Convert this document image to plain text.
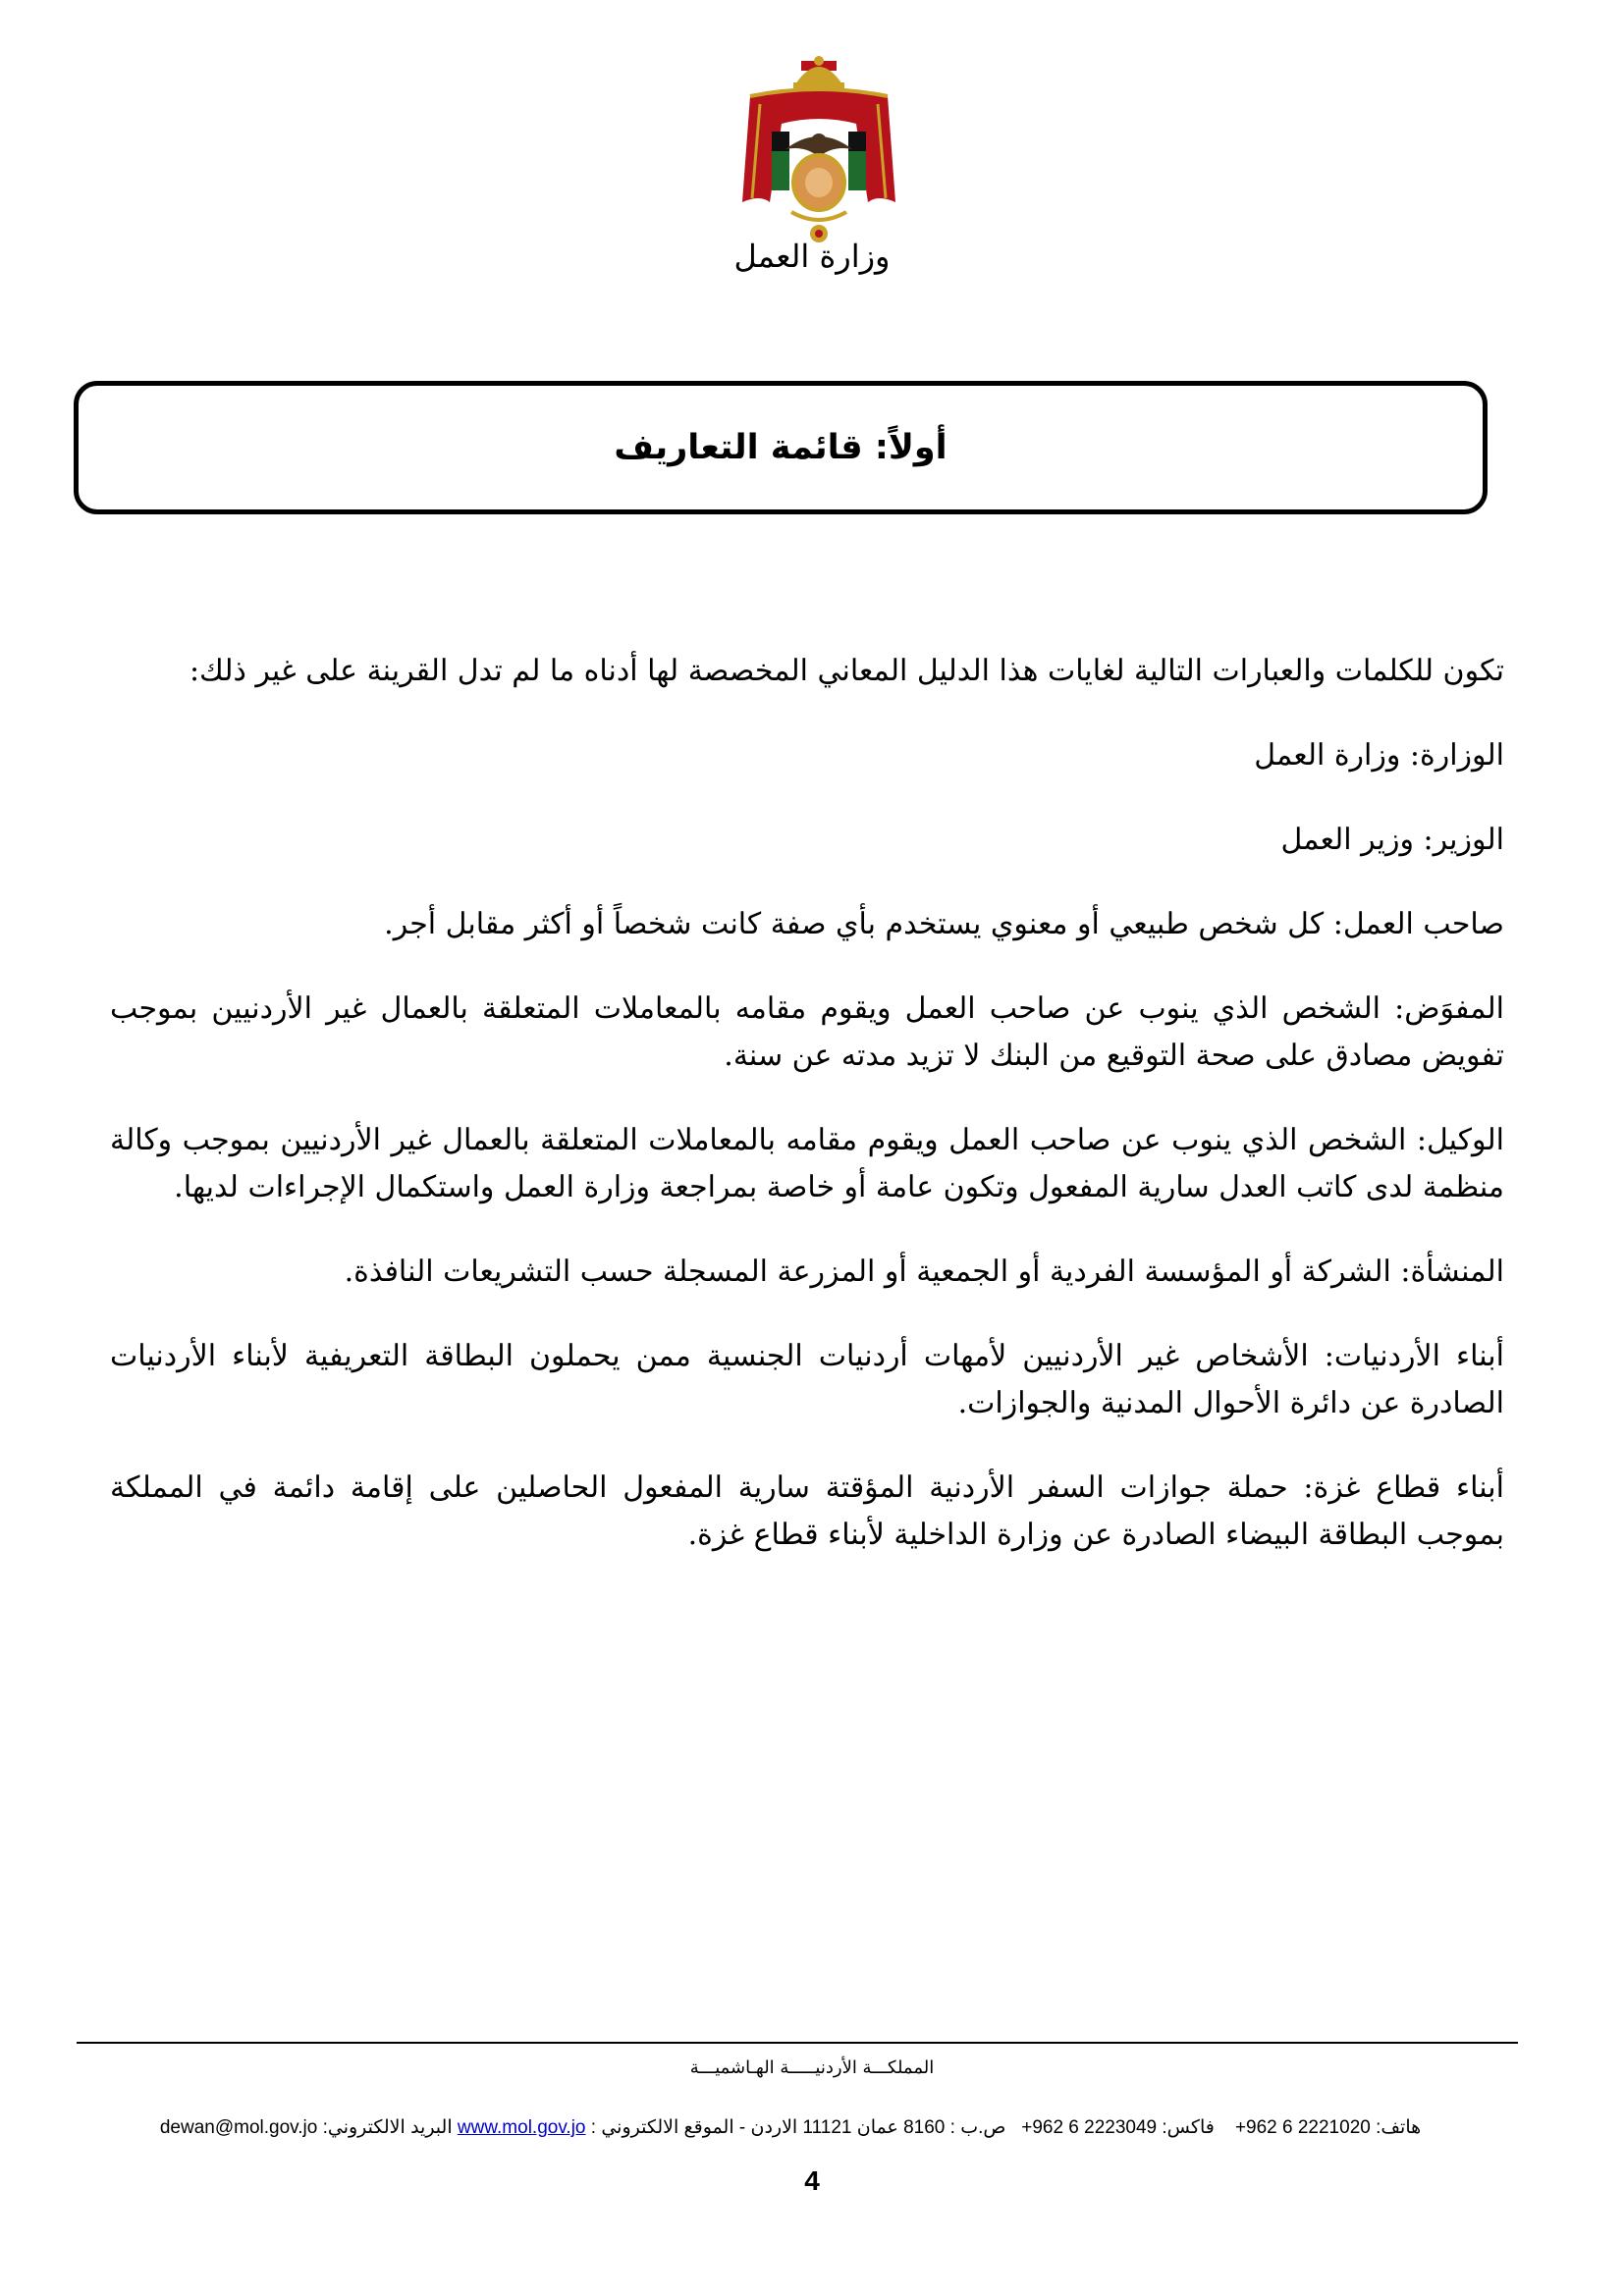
وزارة العمل
أولاً: قائمة التعاريف

تكون للكلمات والعبارات التالية لغايات هذا الدليل المعاني المخصصة لها أدناه ما لم تدل القرينة على غير ذلك:

الوزارة: وزارة العمل
الوزير: وزير العمل
صاحب العمل: كل شخص طبيعي أو معنوي يستخدم بأي صفة كانت شخصاً أو أكثر مقابل أجر.
المفوَض: الشخص الذي ينوب عن صاحب العمل ويقوم مقامه بالمعاملات المتعلقة بالعمال غير الأردنيين بموجب تفويض مصادق على صحة التوقيع من البنك لا تزيد مدته عن سنة.
الوكيل: الشخص الذي ينوب عن صاحب العمل ويقوم مقامه بالمعاملات المتعلقة بالعمال غير الأردنيين بموجب وكالة منظمة لدى كاتب العدل سارية المفعول وتكون عامة أو خاصة بمراجعة وزارة العمل واستكمال الإجراءات لديها.
المنشأة: الشركة أو المؤسسة الفردية أو الجمعية أو المزرعة المسجلة حسب التشريعات النافذة.
أبناء الأردنيات: الأشخاص غير الأردنيين لأمهات أردنيات الجنسية ممن يحملون البطاقة التعريفية لأبناء الأردنيات الصادرة عن دائرة الأحوال المدنية والجوازات.
أبناء قطاع غزة: حملة جوازات السفر الأردنية المؤقتة سارية المفعول الحاصلين على إقامة دائمة في المملكة بموجب البطاقة البيضاء الصادرة عن وزارة الداخلية لأبناء قطاع غزة.
المملكـــة الأردنيـــــة الهـاشميـــة
هاتف: +962 6 2221020    فاكس: +962 6 2223049   ص.ب : 8160 عمان 11121 الاردن - الموقع الالكتروني : www.mol.gov.jo البريد الالكتروني: dewan@mol.gov.jo
4
